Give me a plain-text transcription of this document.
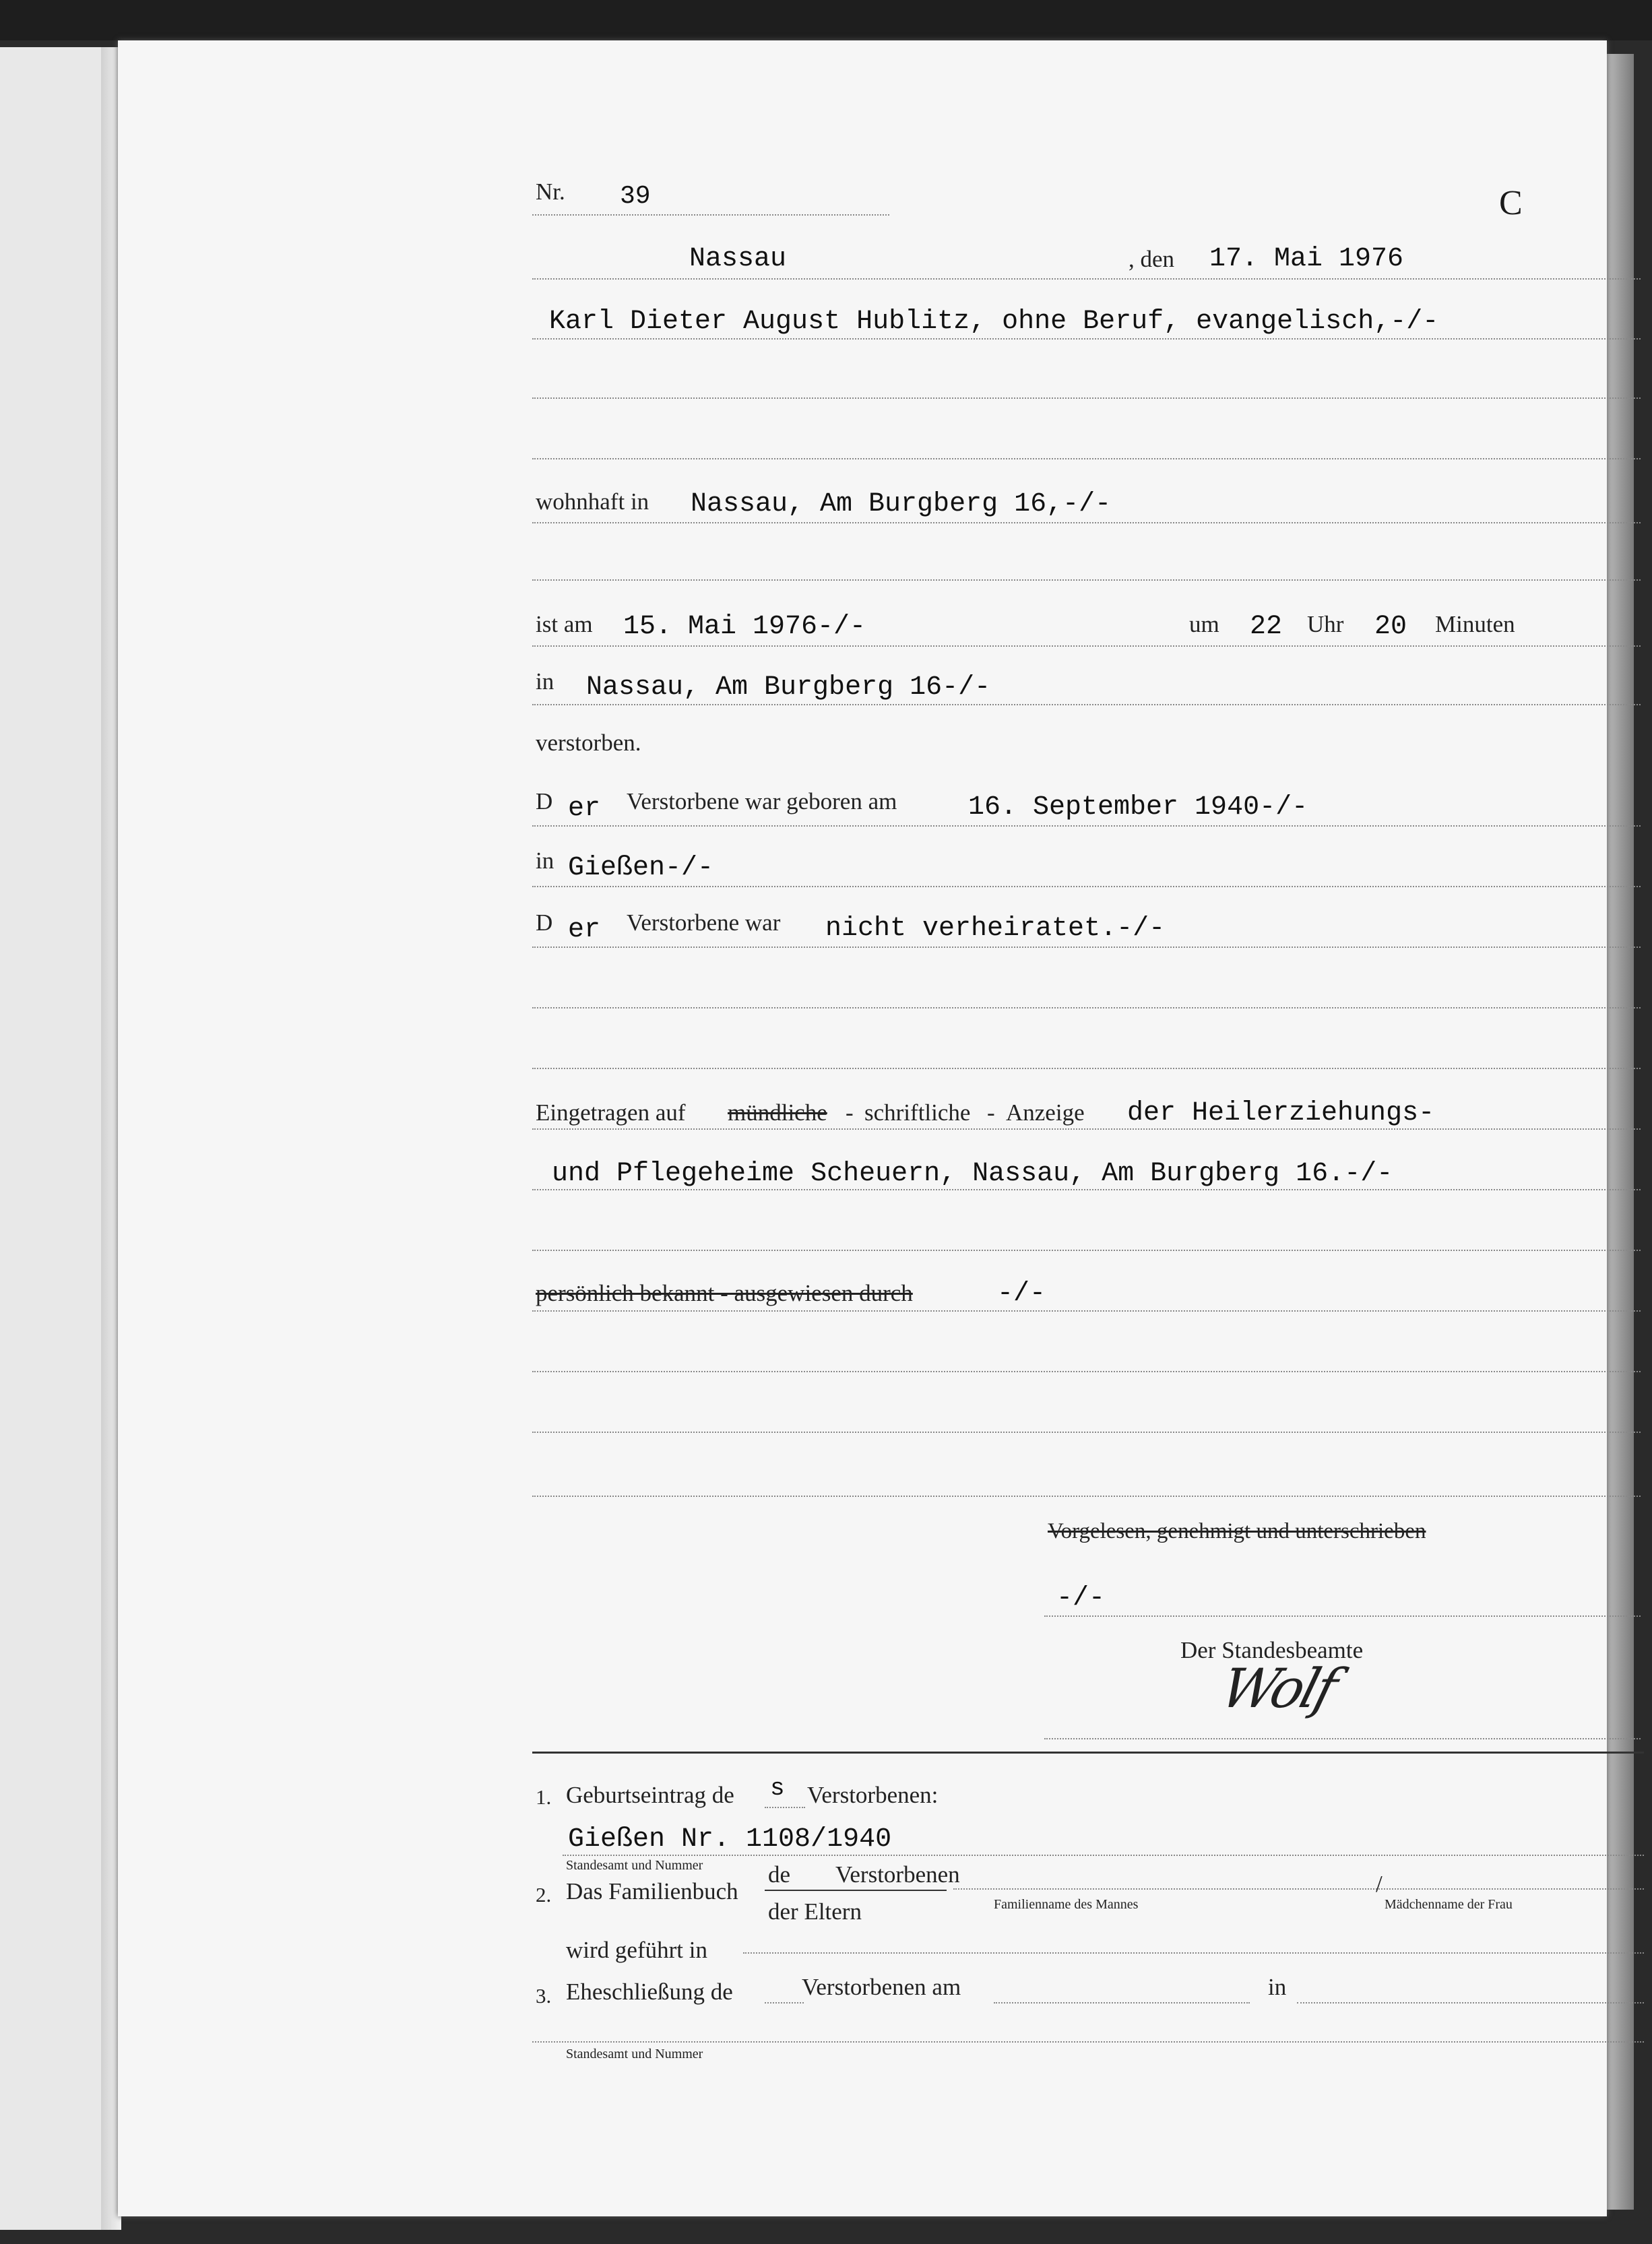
Nr. 39	C
Nassau	, den 17. Mai 1976
Karl Dieter August Hublitz, ohne Beruf, evangelisch,-/-
wohnhaft in Nassau, Am Burgberg 16,-/-
ist am 15. Mai 1976-/-	um 22 Uhr 20 Minuten
in Nassau, Am Burgberg 16-/-
verstorben.
D er Verstorbene war geboren am	16. September 1940-/-
in Gießen-/-
D er Verstorbene war nicht verheiratet.-/-
Eingetragen auf mündliche - schriftliche - Anzeige der Heilerziehungs-
und Pflegeheime Scheuern, Nassau, Am Burgberg 16.-/-
persönlich bekannt - ausgewiesen durch	-/-
Vorgelesen, genehmigt und unterschrieben
-/-
Der Standesbeamte
Wolf
1. Geburtseintrag de s Verstorbenen:
Gießen Nr. 1108/1940
Standesamt und Nummer
2. Das Familienbuch
de Verstorbenen
der Eltern
/
Familienname des Mannes	Mädchenname der Frau
wird geführt in
3. Eheschließung de	Verstorbenen am	in
Standesamt und Nummer
